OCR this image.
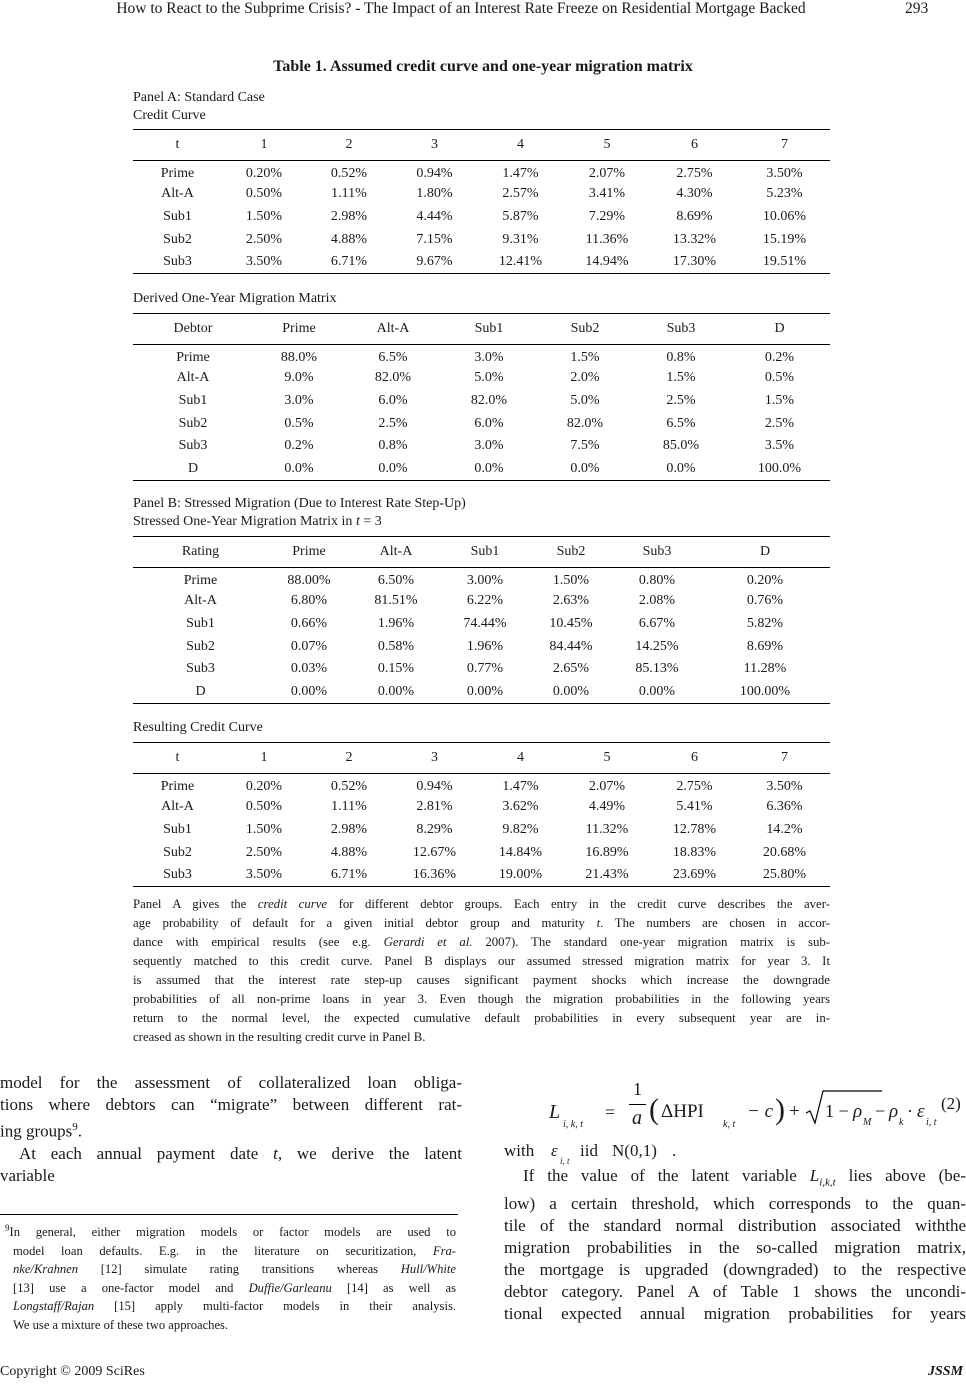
How to React to the Subprime Crisis? - The Impact of an Interest Rate Freeze on Residential Mortgage Backed	293
Table 1. Assumed credit curve and one-year migration matrix
Panel A: Standard Case
Credit Curve
t	1	2	3	4	5	6	7
Prime	0.20%	0.52%	0.94%	1.47%	2.07%	2.75%	3.50%
Alt-A	0.50%	1.11%	1.80%	2.57%	3.41%	4.30%	5.23%
Sub1	1.50%	2.98%	4.44%	5.87%	7.29%	8.69%	10.06%
Sub2	2.50%	4.88%	7.15%	9.31%	11.36%	13.32%	15.19%
Sub3	3.50%	6.71%	9.67%	12.41%	14.94%	17.30%	19.51%
Derived One-Year Migration Matrix
Debtor	Prime	Alt-A	Sub1	Sub2	Sub3	D
Prime	88.0%	6.5%	3.0%	1.5%	0.8%	0.2%
Alt-A	9.0%	82.0%	5.0%	2.0%	1.5%	0.5%
Sub1	3.0%	6.0%	82.0%	5.0%	2.5%	1.5%
Sub2	0.5%	2.5%	6.0%	82.0%	6.5%	2.5%
Sub3	0.2%	0.8%	3.0%	7.5%	85.0%	3.5%
D	0.0%	0.0%	0.0%	0.0%	0.0%	100.0%
Panel B: Stressed Migration (Due to Interest Rate Step-Up)
Stressed One-Year Migration Matrix in t = 3
Rating	Prime	Alt-A	Sub1	Sub2	Sub3	D
Prime	88.00%	6.50%	3.00%	1.50%	0.80%	0.20%
Alt-A	6.80%	81.51%	6.22%	2.63%	2.08%	0.76%
Sub1	0.66%	1.96%	74.44%	10.45%	6.67%	5.82%
Sub2	0.07%	0.58%	1.96%	84.44%	14.25%	8.69%
Sub3	0.03%	0.15%	0.77%	2.65%	85.13%	11.28%
D	0.00%	0.00%	0.00%	0.00%	0.00%	100.00%
Resulting Credit Curve
t	1	2	3	4	5	6	7
Prime	0.20%	0.52%	0.94%	1.47%	2.07%	2.75%	3.50%
Alt-A	0.50%	1.11%	2.81%	3.62%	4.49%	5.41%	6.36%
Sub1	1.50%	2.98%	8.29%	9.82%	11.32%	12.78%	14.2%
Sub2	2.50%	4.88%	12.67%	14.84%	16.89%	18.83%	20.68%
Sub3	3.50%	6.71%	16.36%	19.00%	21.43%	23.69%	25.80%
Panel A gives the credit curve for different debtor groups. Each entry in the credit curve describes the aver-
age probability of default for a given initial debtor group and maturity t. The numbers are chosen in accor-
dance with empirical results (see e.g. Gerardi et al. 2007). The standard one-year migration matrix is sub-
sequently matched to this credit curve. Panel B displays our assumed stressed migration matrix for year 3. It
is assumed that the interest rate step-up causes significant payment shocks which increase the downgrade
probabilities of all non-prime loans in year 3. Even though the migration probabilities in the following years
return to the normal level, the expected cumulative default probabilities in every subsequent year are in-
creased as shown in the resulting credit curve in Panel B.
model for the assessment of collateralized loan obliga-
tions where debtors can “migrate” between different rat-
ing groups$^9$.
At each annual payment date t, we derive the latent
variable
$^9$In general, either migration models or factor models are used to
model loan defaults. E.g. in the literature on securitization, Fra-
nke/Krahnen [12] simulate rating transitions whereas Hull/White
[13] use a one-factor model and Duffie/Garleanu [14] as well as
Longstaff/Rajan [15] apply multi-factor models in their analysis.
We use a mixture of these two approaches.
L
i, k, t
=
1
a ( ΔHPI
k, t
− c ) + 1 − ρ
M
− ρ
k
· ε
i, t
(2)
with ε
i, t
iid N(0,1) .
If the value of the latent variable $L_{i,k,t}$ lies above (be-
low) a certain threshold, which corresponds to the quan-
tile of the standard normal distribution associated withthe
migration probabilities in the so-called migration matrix,
the mortgage is upgraded (downgraded) to the respective
debtor category. Panel A of Table 1 shows the uncondi-
tional expected annual migration probabilities for years
Copyright © 2009 SciRes	JSSM
